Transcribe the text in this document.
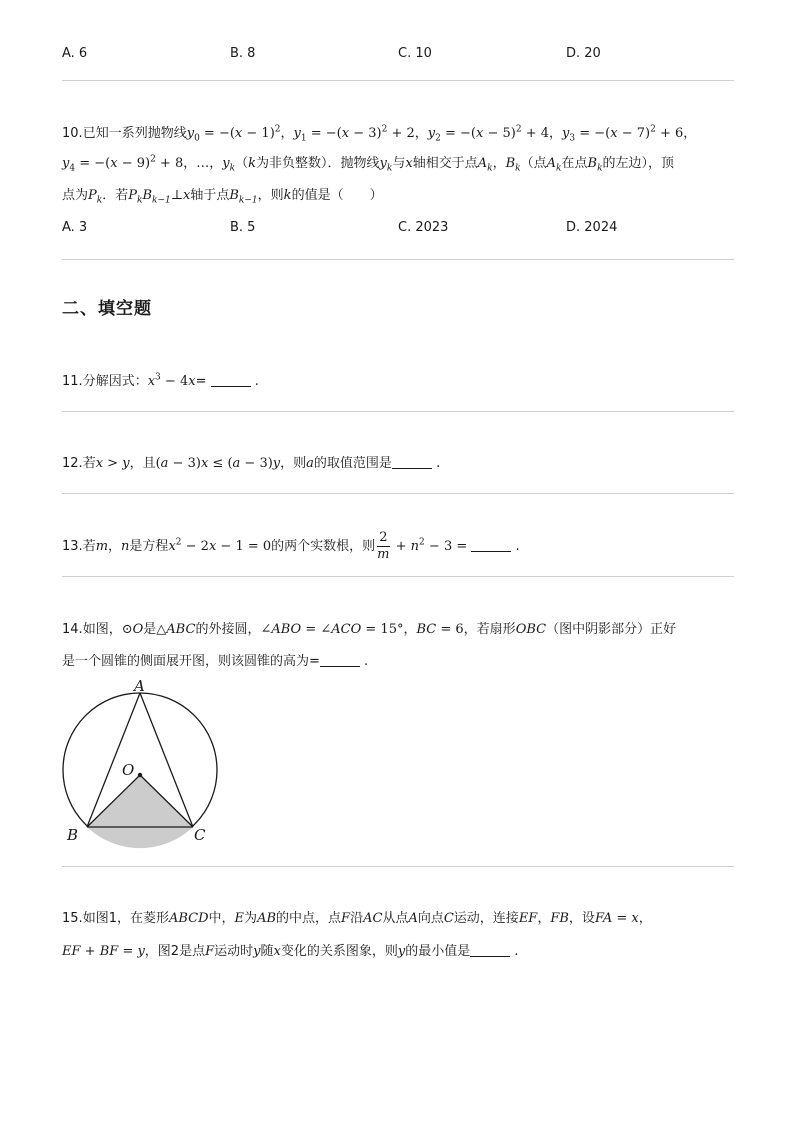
A. 6	B. 8	C. 10	D. 20
10.已知一系列抛物线$y_0 = -(x - 1)^2$，$y_1 = -(x - 3)^2 + 2$，$y_2 = -(x - 5)^2 + 4$，$y_3 = -(x - 7)^2 + 6$，
$y_4 = -(x - 9)^2 + 8$，…，$y_k(k$为非负整数）．抛物线$y_k$与x轴相交于点$A_k$，$B_k$（点$A_k$在点$B_k$的左边），顶
点为$P_k$．若$P_kB_{k-1}\perp x$轴于点$B_{k-1}$，则k的值是（　　）
A. 3	B. 5	C. 2023	D. 2024
二、填空题
11.分解因式：$x^3 - 4x=$	.
12.若x > y，且(a − 3)x ≤ (a − 3)y，则a的取值范围是	.
13.若m，n是方程$x^2 - 2x - 1 = 0$的两个实数根，则 $\frac{2}{m} + n^2 - 3$ =	.
14.如图，⊙O是△ABC的外接圆，∠ABO = ∠ACO = 15°，BC = 6，若扇形OBC（图中阴影部分）正好
是一个圆锥的侧面展开图，则该圆锥的高为=	.
A
O
B	C
15.如图1，在菱形ABCD中，E为AB的中点，点F沿AC从点A向点C运动，连接EF，FB，设FA = x，
EF + BF = y，图2是点F运动时y随x变化的关系图象，则y的最小值是	.
